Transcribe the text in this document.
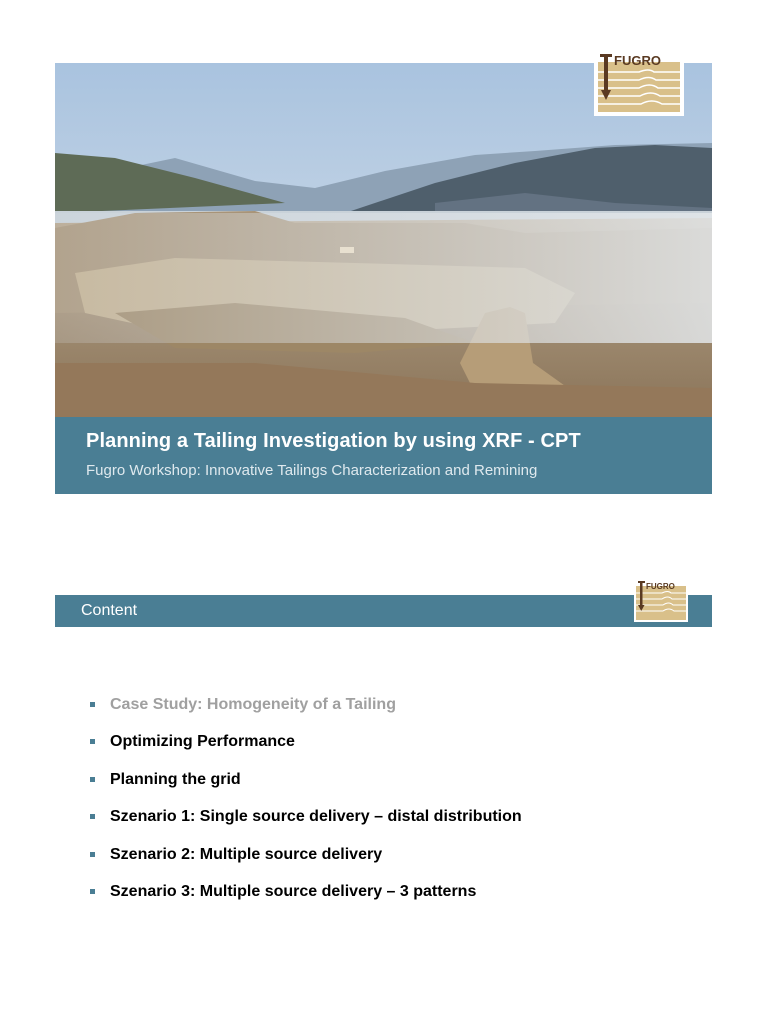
Planning a Tailing Investigation by using XRF - CPT
Fugro Workshop: Innovative Tailings Characterization and Remining
FUGRO
Content
FUGRO
Case Study: Homogeneity of a Tailing
Optimizing Performance
Planning the grid
Szenario 1: Single source delivery – distal distribution
Szenario 2: Multiple source delivery
Szenario 3: Multiple source delivery – 3 patterns
